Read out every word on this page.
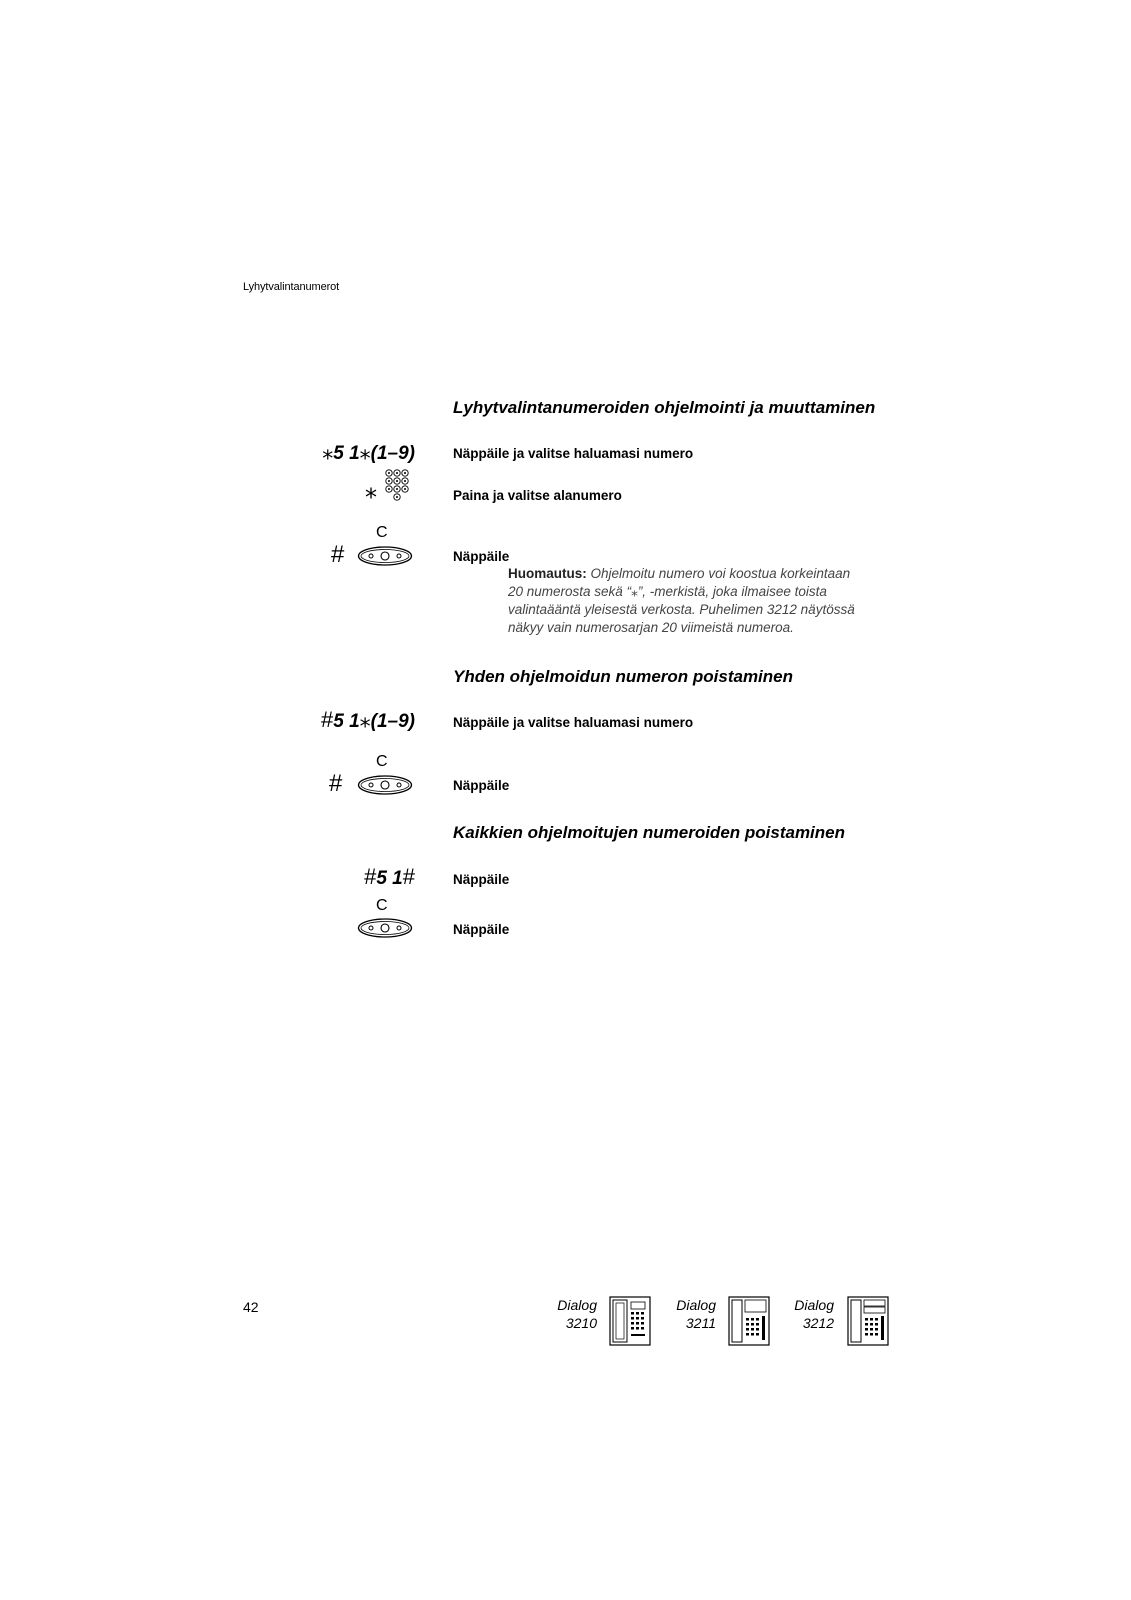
Lyhytvalintanumerot
Lyhytvalintanumeroiden ohjelmointi ja muuttaminen
⁎5 1⁎(1–9)	Näppäile ja valitse haluamasi numero
⁎	Paina ja valitse alanumero
C
#	Näppäile
Huomautus: Ohjelmoitu numero voi koostua korkeintaan
20 numerosta sekä “⁎”, -merkistä, joka ilmaisee toista
valintaääntä yleisestä verkosta. Puhelimen 3212 näytössä
näkyy vain numerosarjan 20 viimeistä numeroa.
Yhden ohjelmoidun numeron poistaminen
#5 1⁎(1–9)	Näppäile ja valitse haluamasi numero
C
#	Näppäile
Kaikkien ohjelmoitujen numeroiden poistaminen
#5 1#	Näppäile
C
Näppäile
42	Dialog
3210
Dialog
3211
Dialog
3212
